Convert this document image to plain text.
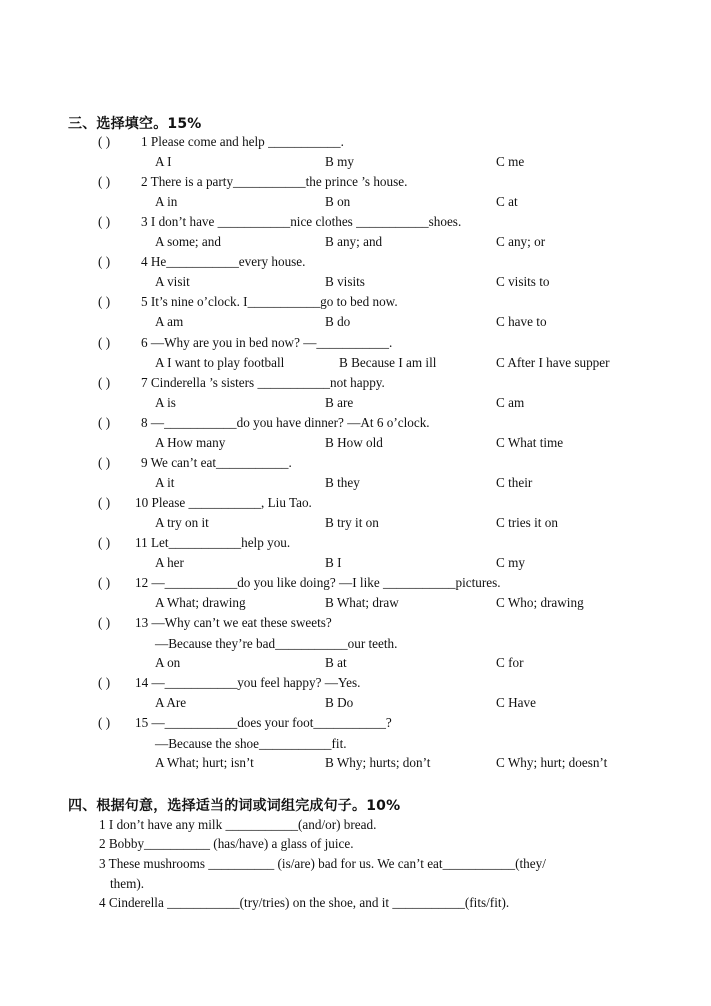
三、选择填空。15%
( ) 1 Please come and help ___________.
A I	B my	C me
( ) 2 There is a party___________the prince ’s house.
A in	B on	C at
( ) 3 I don’t have ___________nice clothes ___________shoes.
A some; and	B any; and	C any; or
( ) 4 He___________every house.
A visit	B visits	C visits to
( ) 5 It’s nine o’clock. I___________go to bed now.
A am	B do	C have to
( ) 6 —Why are you in bed now? —___________.
A I want to play football	B Because I am ill	C After I have supper
( ) 7 Cinderella ’s sisters ___________not happy.
A is	B are	C am
( ) 8 —___________do you have dinner? —At 6 o’clock.
A How many	B How old	C What time
( ) 9 We can’t eat___________.
A it	B they	C their
( ) 10 Please ___________, Liu Tao.
A try on it	B try it on	C tries it on
( ) 11 Let___________help you.
A her	B I	C my
( ) 12 —___________do you like doing? —I like ___________pictures.
A What; drawing	B What; draw	C Who; drawing
( ) 13 —Why can’t we eat these sweets?
—Because they’re bad___________our teeth.
A on	B at	C for
( ) 14 —___________you feel happy? —Yes.
A Are	B Do	C Have
( ) 15 —___________does your foot___________?
—Because the shoe___________fit.
A What; hurt; isn’t	B Why; hurts; don’t	C Why; hurt; doesn’t
四、根据句意，选择适当的词或词组完成句子。10%
1 I don’t have any milk ___________(and/or) bread.
2 Bobby__________ (has/have) a glass of juice.
3 These mushrooms __________ (is/are) bad for us. We can’t eat___________(they/
them).
4 Cinderella ___________(try/tries) on the shoe, and it ___________(fits/fit).
